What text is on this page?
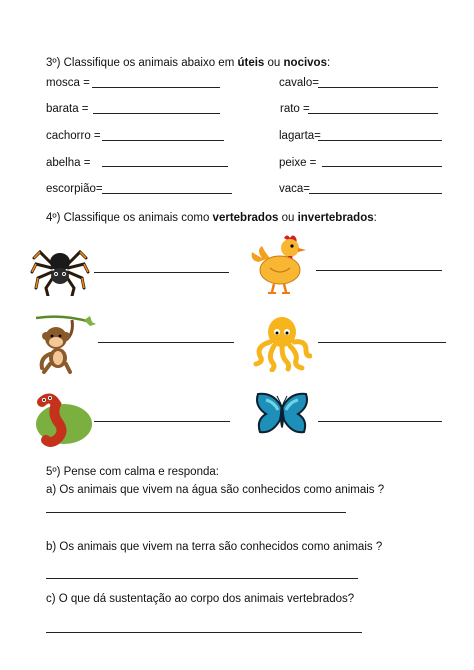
3º) Classifique os animais abaixo em úteis ou nocivos:
mosca =	cavalo=
barata =	rato =
cachorro =	lagarta=
abelha =	peixe =
escorpião=	vaca=
4º) Classifique os animais como vertebrados ou invertebrados:
5º) Pense com calma e responda:
a) Os animais que vivem na água são conhecidos como animais ?
b) Os animais que vivem na terra são conhecidos como animais ?
c) O que dá sustentação ao corpo dos animais vertebrados?
